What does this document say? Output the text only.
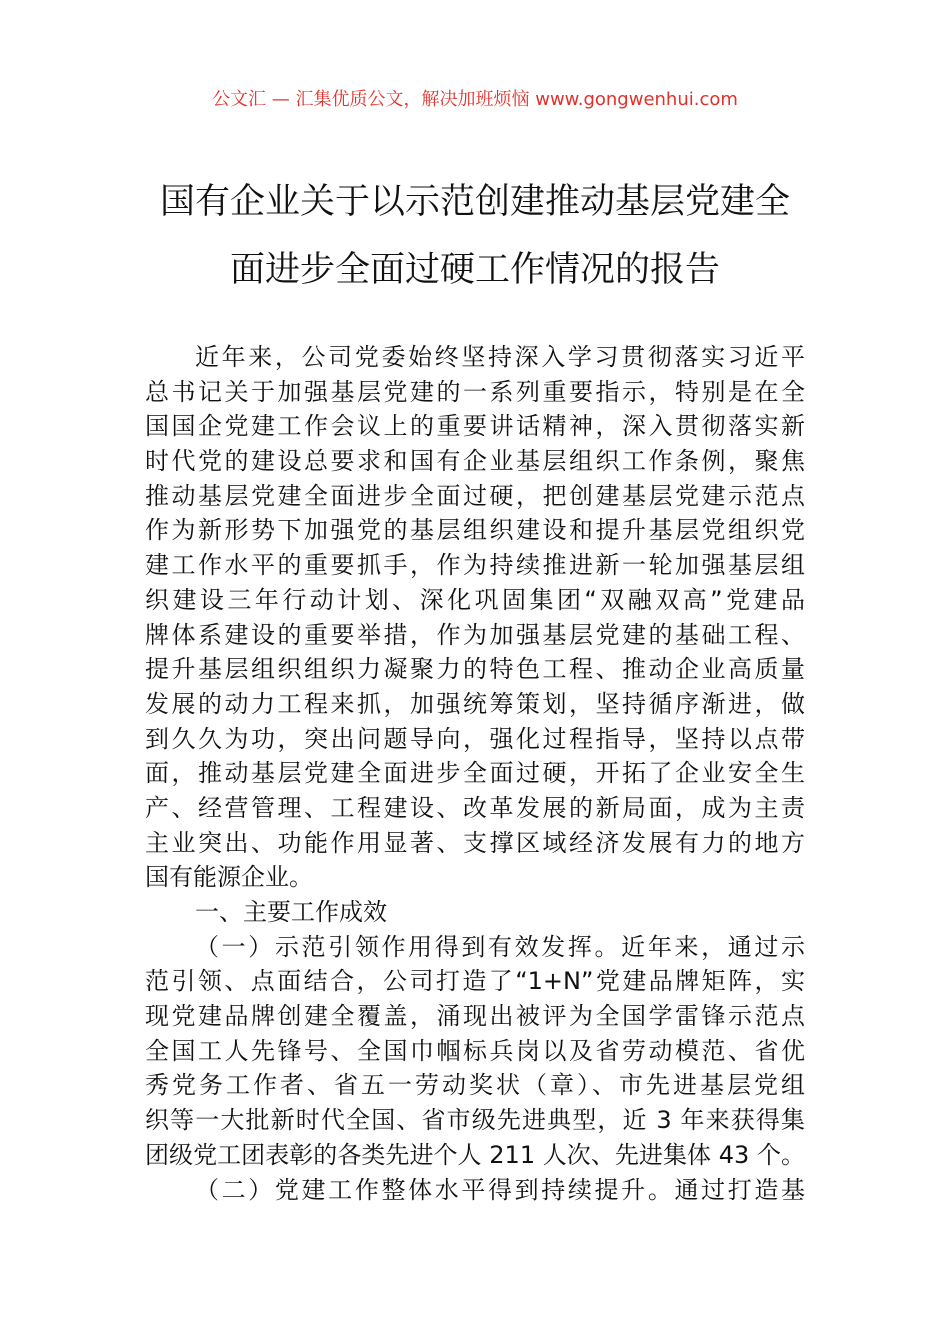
公文汇 — 汇集优质公文，解决加班烦恼 www.gongwenhui.com
国有企业关于以示范创建推动基层党建全
面进步全面过硬工作情况的报告
近年来，公司党委始终坚持深入学习贯彻落实习近平
总书记关于加强基层党建的一系列重要指示，特别是在全
国国企党建工作会议上的重要讲话精神，深入贯彻落实新
时代党的建设总要求和国有企业基层组织工作条例，聚焦
推动基层党建全面进步全面过硬，把创建基层党建示范点
作为新形势下加强党的基层组织建设和提升基层党组织党
建工作水平的重要抓手，作为持续推进新一轮加强基层组
织建设三年行动计划、深化巩固集团“双融双高”党建品
牌体系建设的重要举措，作为加强基层党建的基础工程、
提升基层组织组织力凝聚力的特色工程、推动企业高质量
发展的动力工程来抓，加强统筹策划，坚持循序渐进，做
到久久为功，突出问题导向，强化过程指导，坚持以点带
面，推动基层党建全面进步全面过硬，开拓了企业安全生
产、经营管理、工程建设、改革发展的新局面，成为主责
主业突出、功能作用显著、支撑区域经济发展有力的地方
国有能源企业。
一、主要工作成效
（一）示范引领作用得到有效发挥。近年来，通过示
范引领、点面结合，公司打造了“1+N”党建品牌矩阵，实
现党建品牌创建全覆盖，涌现出被评为全国学雷锋示范点
全国工人先锋号、全国巾帼标兵岗以及省劳动模范、省优
秀党务工作者、省五一劳动奖状（章）、市先进基层党组
织等一大批新时代全国、省市级先进典型，近 3 年来获得集
团级党工团表彰的各类先进个人 211 人次、先进集体 43 个。
（二）党建工作整体水平得到持续提升。通过打造基
